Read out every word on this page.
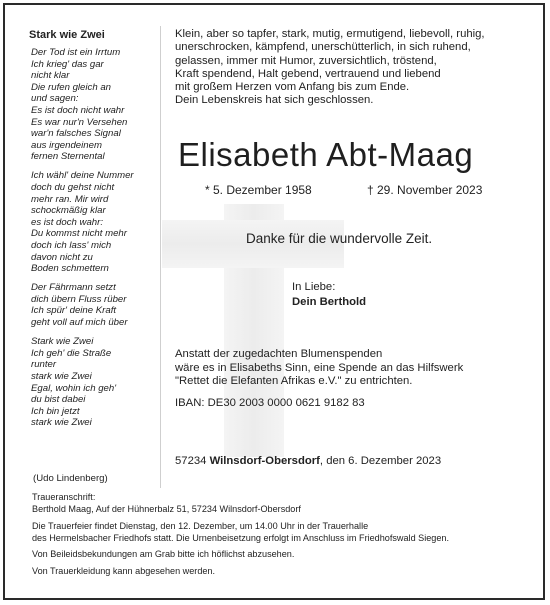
Stark wie Zwei
Der Tod ist ein Irrtum
Ich krieg' das gar
nicht klar
Die rufen gleich an
und sagen:
Es ist doch nicht wahr
Es war nur'n Versehen
war'n falsches Signal
aus irgendeinem
fernen Sternental
Ich wähl' deine Nummer
doch du gehst nicht
mehr ran. Mir wird
schockmäßig klar
es ist doch wahr:
Du kommst nicht mehr
doch ich lass' mich
davon nicht zu
Boden schmettern
Der Fährmann setzt
dich übern Fluss rüber
Ich spür' deine Kraft
geht voll auf mich über
Stark wie Zwei
Ich geh' die Straße
runter
stark wie Zwei
Egal, wohin ich geh'
du bist dabei
Ich bin jetzt
stark wie Zwei
(Udo Lindenberg)
Klein, aber so tapfer, stark, mutig, ermutigend, liebevoll, ruhig,
unerschrocken, kämpfend, unerschütterlich, in sich ruhend,
gelassen, immer mit Humor, zuversichtlich, tröstend,
Kraft spendend, Halt gebend, vertrauend und liebend
mit großem Herzen vom Anfang bis zum Ende.
Dein Lebenskreis hat sich geschlossen.
Elisabeth Abt-Maag
* 5. Dezember 1958	† 29. November 2023
Danke für die wundervolle Zeit.
In Liebe:
Dein Berthold
Anstatt der zugedachten Blumenspenden
wäre es in Elisabeths Sinn, eine Spende an das Hilfswerk
"Rettet die Elefanten Afrikas e.V." zu entrichten.
IBAN: DE30 2003 0000 0621 9182 83
57234 Wilnsdorf-Obersdorf, den 6. Dezember 2023
Traueranschrift:
Berthold Maag, Auf der Hühnerbalz 51, 57234 Wilnsdorf-Obersdorf
Die Trauerfeier findet Dienstag, den 12. Dezember, um 14.00 Uhr in der Trauerhalle
des Hermelsbacher Friedhofs statt. Die Urnenbeisetzung erfolgt im Anschluss im Friedhofswald Siegen.
Von Beileidsbekundungen am Grab bitte ich höflichst abzusehen.
Von Trauerkleidung kann abgesehen werden.
